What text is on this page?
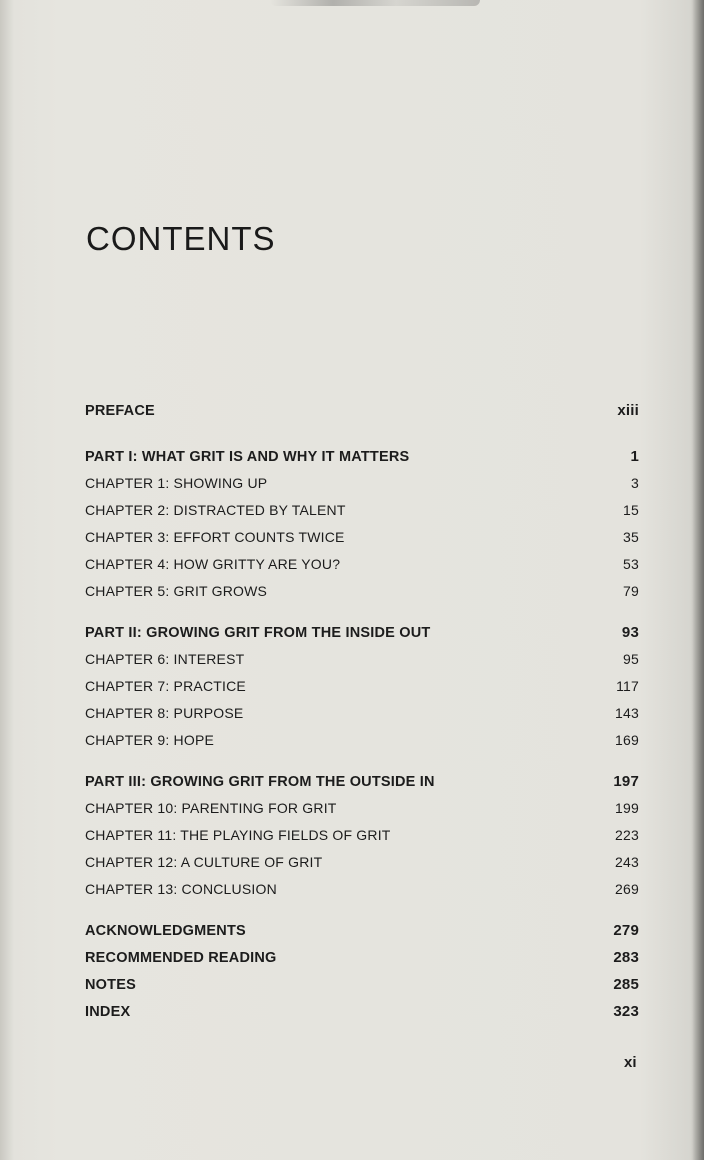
CONTENTS
PREFACE	xiii
PART I: WHAT GRIT IS AND WHY IT MATTERS	1
CHAPTER 1: SHOWING UP	3
CHAPTER 2: DISTRACTED BY TALENT	15
CHAPTER 3: EFFORT COUNTS TWICE	35
CHAPTER 4: HOW GRITTY ARE YOU?	53
CHAPTER 5: GRIT GROWS	79
PART II: GROWING GRIT FROM THE INSIDE OUT	93
CHAPTER 6: INTEREST	95
CHAPTER 7: PRACTICE	117
CHAPTER 8: PURPOSE	143
CHAPTER 9: HOPE	169
PART III: GROWING GRIT FROM THE OUTSIDE IN	197
CHAPTER 10: PARENTING FOR GRIT	199
CHAPTER 11: THE PLAYING FIELDS OF GRIT	223
CHAPTER 12: A CULTURE OF GRIT	243
CHAPTER 13: CONCLUSION	269
ACKNOWLEDGMENTS	279
RECOMMENDED READING	283
NOTES	285
INDEX	323
xi
